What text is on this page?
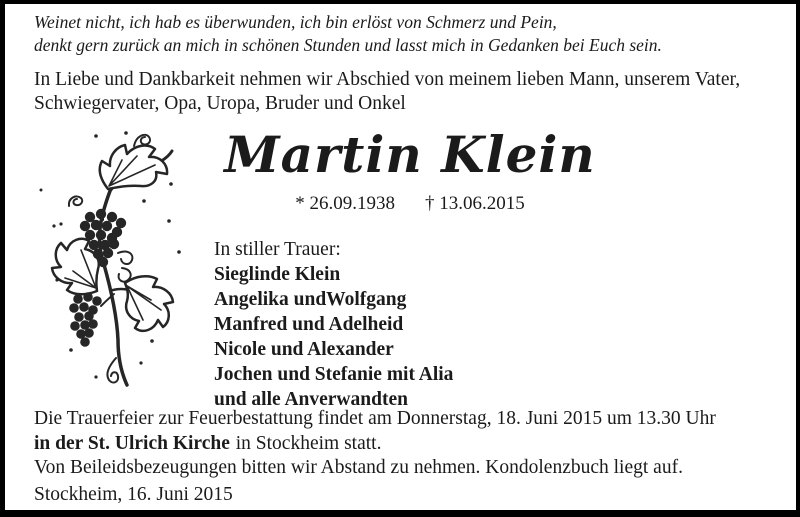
Weinet nicht, ich hab es überwunden, ich bin erlöst von Schmerz und Pein,
denkt gern zurück an mich in schönen Stunden und lasst mich in Gedanken bei Euch sein.
In Liebe und Dankbarkeit nehmen wir Abschied von meinem lieben Mann, unserem Vater,
Schwiegervater, Opa, Uropa, Bruder und Onkel
Martin Klein
* 26.09.1938 † 13.06.2015
In stiller Trauer:
Sieglinde Klein
Angelika undWolfgang
Manfred und Adelheid
Nicole und Alexander
Jochen und Stefanie mit Alia
und alle Anverwandten
Die Trauerfeier zur Feuerbestattung findet am Donnerstag, 18. Juni 2015 um 13.30 Uhr
in der St. Ulrich Kirche in Stockheim statt.
Von Beileidsbezeugungen bitten wir Abstand zu nehmen. Kondolenzbuch liegt auf.
Stockheim, 16. Juni 2015
